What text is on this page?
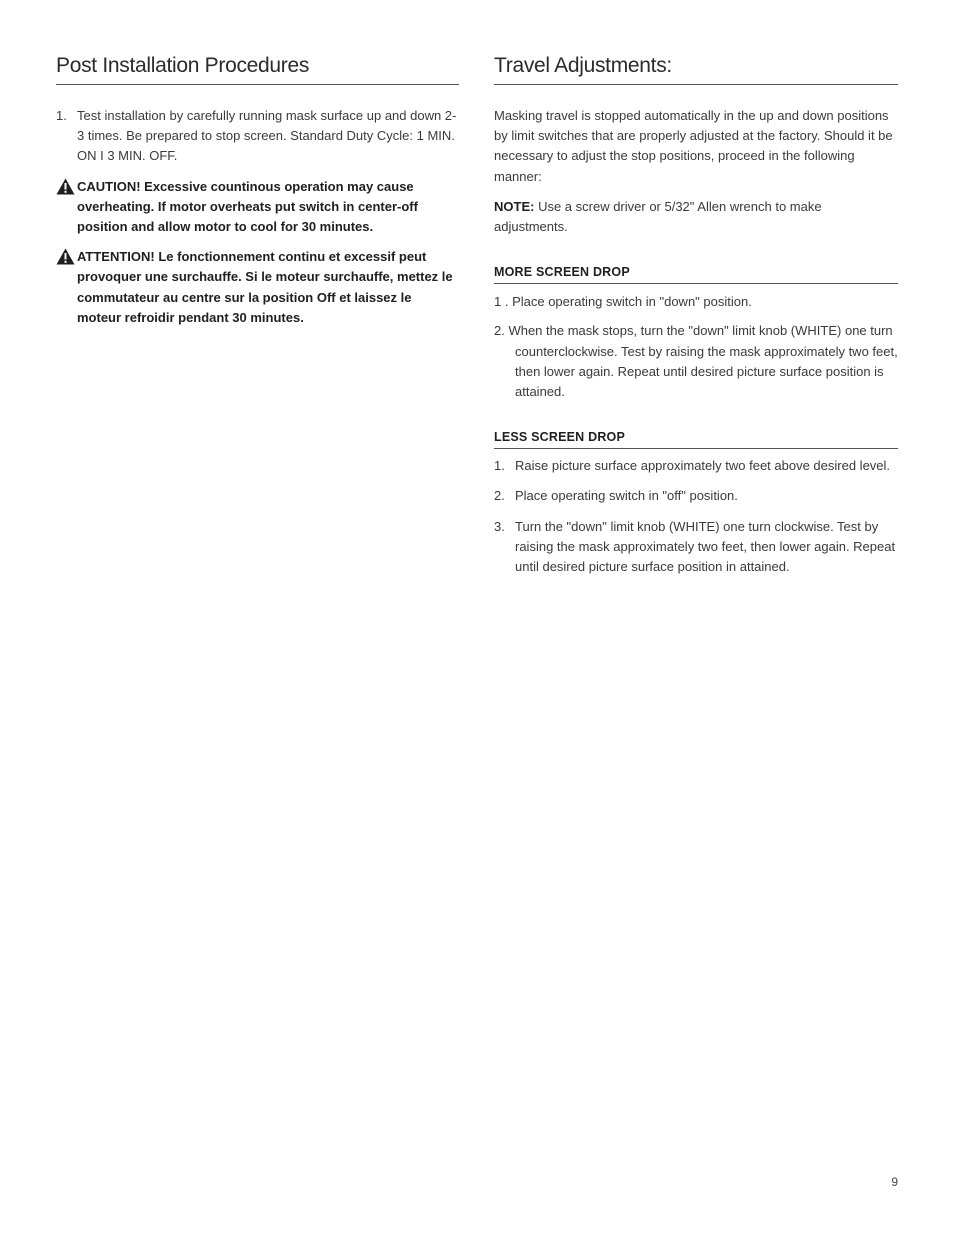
Post Installation Procedures
1. Test installation by carefully running mask surface up and down 2-3 times. Be prepared to stop screen. Standard Duty Cycle: 1 MIN. ON I 3 MIN. OFF.
CAUTION! Excessive countinous operation may cause overheating. If motor overheats put switch in center-off position and allow motor to cool for 30 minutes.
ATTENTION! Le fonctionnement continu et excessif peut provoquer une surchauffe. Si le moteur surchauffe, mettez le commutateur au centre sur la position Off et laissez le moteur refroidir pendant 30 minutes.
Travel Adjustments:

Masking travel is stopped automatically in the up and down positions by limit switches that are properly adjusted at the factory. Should it be necessary to adjust the stop positions, proceed in the following manner:

NOTE: Use a screw driver or 5/32" Allen wrench to make adjustments.

MORE SCREEN DROP

1 . Place operating switch in "down" position.

2. When the mask stops, turn the "down" limit knob (WHITE) one turn counterclockwise. Test by raising the mask approximately two feet, then lower again. Repeat until desired picture surface position is attained.

LESS SCREEN DROP
1. Raise picture surface approximately two feet above desired level.
2. Place operating switch in "off" position.
3. Turn the "down" limit knob (WHITE) one turn clockwise. Test by raising the mask approximately two feet, then lower again. Repeat until desired picture surface position in attained.
9
